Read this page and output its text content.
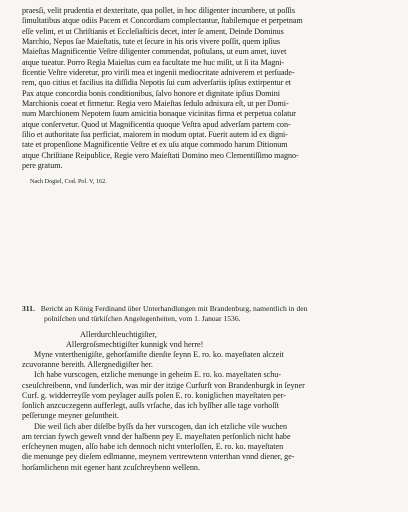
praesſi, velit prudentia et dexteritate, qua pollet, in hoc diligenter incumbere, ut poſſis
ſimultatibus atque odiis Pacem et Concordiam complectantur, ſtabilemque et perpetnam
eſſe velint, et ut Chriſtianis et Eccleſiaſticis decet, inter ſe ament, Deinde Dominus
Marchio, Nepos ſae Maieſtatis, tute et ſecure in his oris vivere poſſit, quem ipſius
Maieſtas Magnificentie Veſtre diligenter commendat, poſtulans, ut eum amet, iuvet
atque tueatur. Porro Regia Maieſtas cum ea facultate me huc miſit, ut ſi ita Magni-
ficentie Veſtre videretur, pro virili mea et ingenii mediocritate adniverem et perſuade-
rem, quo citius et facilius ita diſſidia Nepotis ſui cum adverſariis ipſius extirpentur et
Pax atque concordia bonis conditionibus, ſalvo honore et dignitate ipſius Domini
Marchionis coeat et firmetur. Regia vero Maieſtas ſedulo adnixura eſt, ut per Domi-
num Marchionem Nepotem ſuum amicitia bonaque vicinitas firma et perpetua colatur
atque conſervetur. Quod ut Magnificentia quoque Veſtra apud adverſam partem con-
ſilio et authoritate ſua perficiat, maiorem in modum optat. Fuerit autem id ex digni-
tate et propenſione Magnificentie Veſtre et ex uſu atque commodo harum Ditionum
atque Chriſtiane Reipublice, Regie vero Maieſtati Domino meo Clementiſſimo magno-
pere gratum.
Nach Dogiel, Cod. Pol. V, 162.
311. Bericht an König Ferdinand über Unterhandlungen mit Brandenburg, namentlich in den
polniſchen und türkiſchen Angelegenheiten, vom 1. Januar 1536.
Allerdurchleuchtigiſter,
Allergroſsmechtigiſter kunnigk vnd herre!
Myne vnterthenigiſte, gehorſamiſte dienſte ſeynn E. ro. ko. mayeſtaten alczeit
zcuvoranne bereith. Allergnedigiſter her.
Ich habe vurscogen, etzliche menunge in geheim E. ro. ko. mayeſtaten schu-
cseuſchreibenn, vnd ſunderlich, was mir der itzige Curfurſt von Brandenburgk in ſeyner
Curf. g. widderreyſſe vom peylager auſſs polen E. ro. koniglichen mayeſtaten per-
ſonlich anzcuczegenn aufferlegt, auſſs vrſache, das ich byſſher alle tage vorhoſſt
peſſerunge meyner geſuntheit.
Die weil ſich aber diſelbe byſſs da her vurscogen, dan ich etzliche vile wuchen
am tercian fywch geweſt vnnd der halbenn pey E. mayeſtaten perſonlich nicht habe
erſcheynen mugen, alſo habe ich dennoch nicht vnterloſſen, E. ro. ko. mayeſtaten
die menunge pey dieſem edlmanne, meynem vertrewtenn vnterthan vnnd diener, ge-
horſamlichenn mit egener hant zcuſchreybenn wellenn.
